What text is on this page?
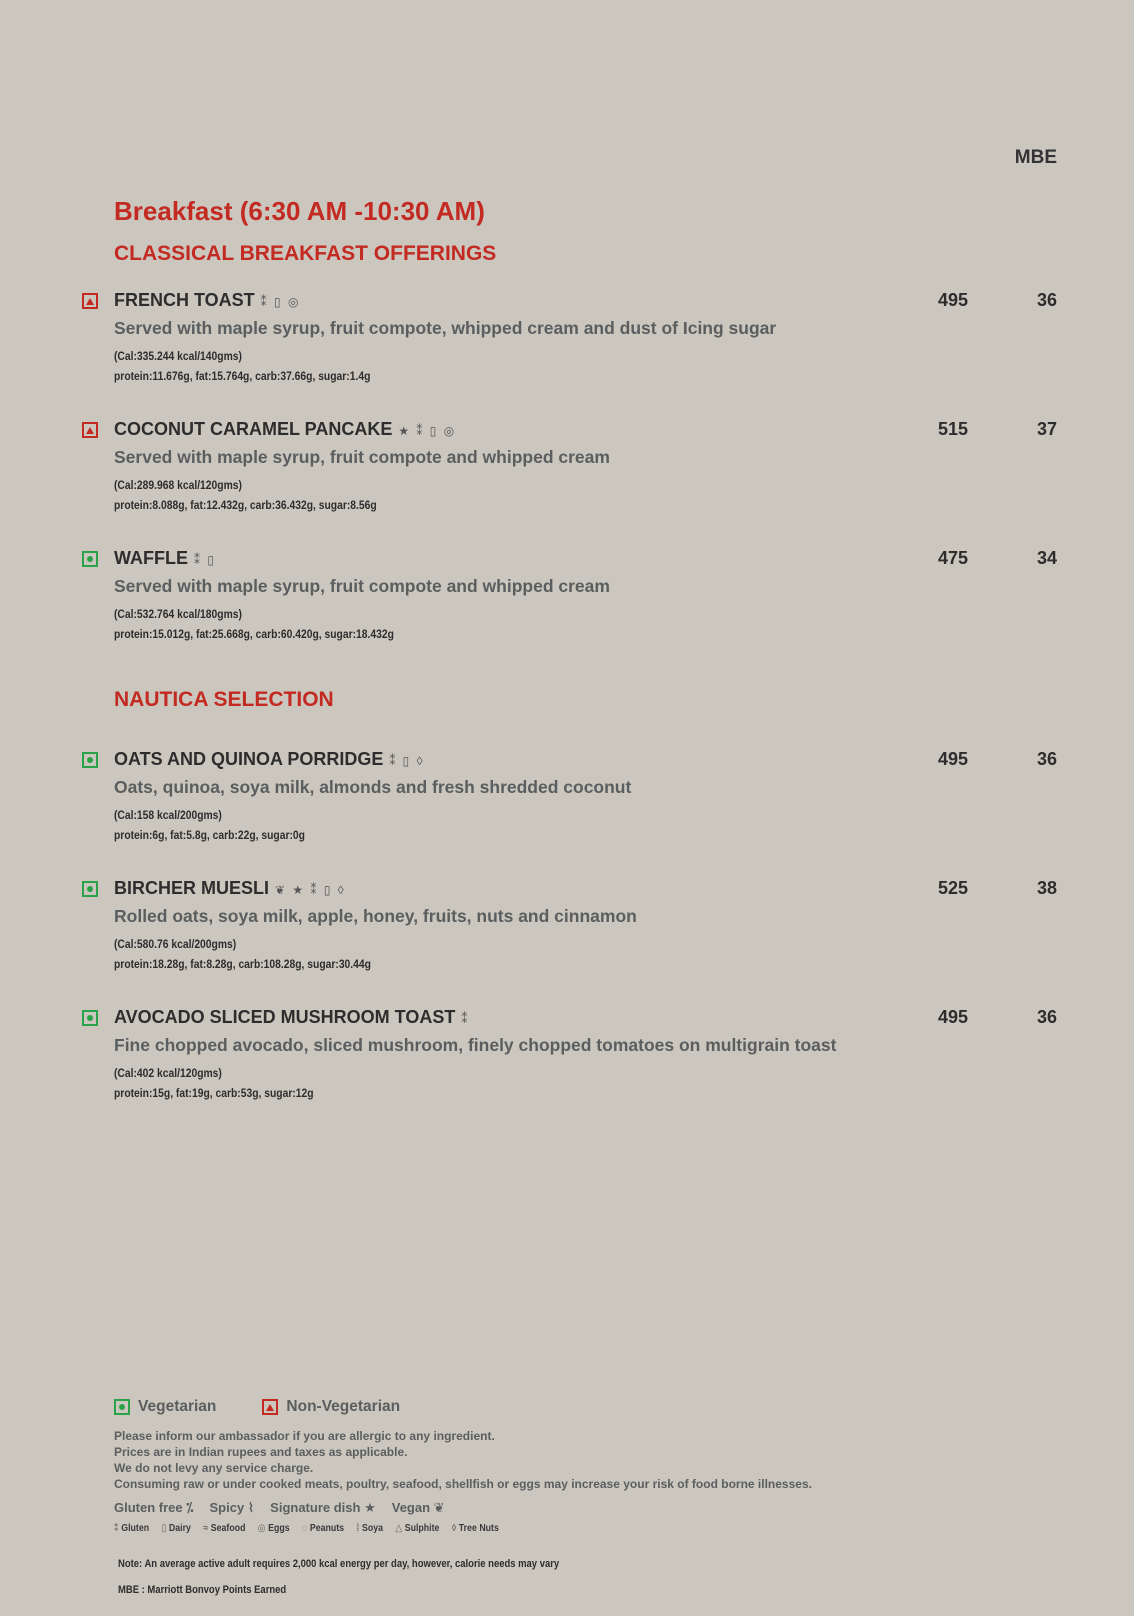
MBE
Breakfast (6:30 AM -10:30 AM)
CLASSICAL BREAKFAST OFFERINGS
FRENCH TOAST ⁑ ▯ ◎	495	36
Served with maple syrup, fruit compote, whipped cream and dust of Icing sugar
(Cal:335.244 kcal/140gms)
protein:11.676g, fat:15.764g, carb:37.66g, sugar:1.4g
COCONUT CARAMEL PANCAKE ★ ⁑ ▯ ◎	515	37
Served with maple syrup, fruit compote and whipped cream
(Cal:289.968 kcal/120gms)
protein:8.088g, fat:12.432g, carb:36.432g, sugar:8.56g
WAFFLE ⁑ ▯	475	34
Served with maple syrup, fruit compote and whipped cream
(Cal:532.764 kcal/180gms)
protein:15.012g, fat:25.668g, carb:60.420g, sugar:18.432g
NAUTICA SELECTION
OATS AND QUINOA PORRIDGE ⁑ ▯ ◊	495	36
Oats, quinoa, soya milk, almonds and fresh shredded coconut
(Cal:158 kcal/200gms)
protein:6g, fat:5.8g, carb:22g, sugar:0g
BIRCHER MUESLI ❦ ★ ⁑ ▯ ◊	525	38
Rolled oats, soya milk, apple, honey, fruits, nuts and cinnamon
(Cal:580.76 kcal/200gms)
protein:18.28g, fat:8.28g, carb:108.28g, sugar:30.44g
AVOCADO SLICED MUSHROOM TOAST ⁑	495	36
Fine chopped avocado, sliced mushroom, finely chopped tomatoes on multigrain toast
(Cal:402 kcal/120gms)
protein:15g, fat:19g, carb:53g, sugar:12g
Vegetarian	Non-Vegetarian
Please inform our ambassador if you are allergic to any ingredient.
Prices are in Indian rupees and taxes as applicable.
We do not levy any service charge.
Consuming raw or under cooked meats, poultry, seafood, shellfish or eggs may increase your risk of food borne illnesses.
Gluten free ⁒ Spicy ⌇ Signature dish ★ Vegan ❦
⁑ Gluten ▯ Dairy ≈ Seafood ◎ Eggs ◌ Peanuts ⁞ Soya △ Sulphite ◊ Tree Nuts
Note: An average active adult requires 2,000 kcal energy per day, however, calorie needs may vary
MBE : Marriott Bonvoy Points Earned
